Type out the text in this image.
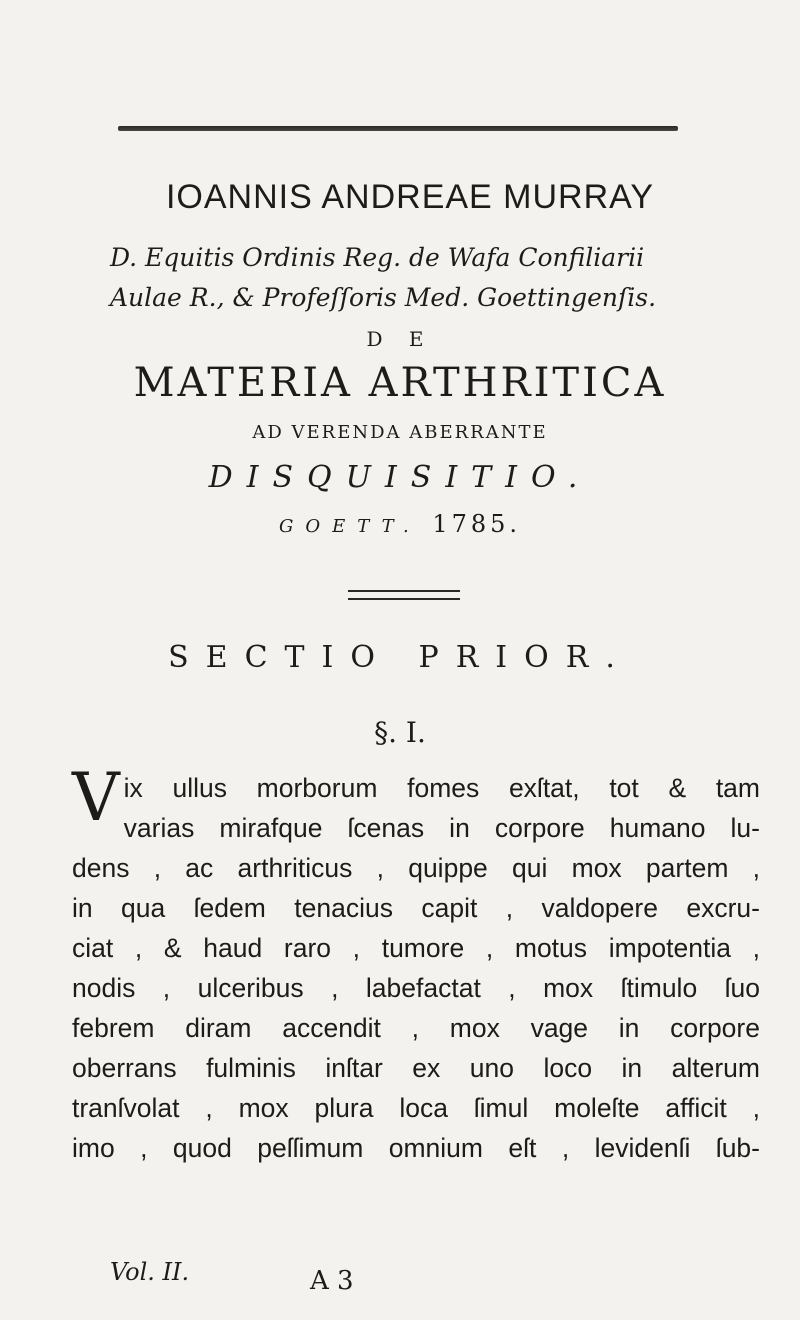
IOANNIS ANDREAE MURRAY
D. Equitis Ordinis Reg. de Wafa Confiliarii
Aulae R., & Profeſſoris Med. Goettingenſis.
D E
MATERIA ARTHRITICA
AD VERENDA ABERRANTE
DISQUISITIO.
GOETT. 1785.
SECTIO PRIOR.
§. I.
V ix ullus morborum fomes exſtat, tot & tam
varias mirafque ſcenas in corpore humano lu-
dens , ac arthriticus , quippe qui mox partem ,
in qua ſedem tenacius capit , valdopere excru-
ciat , & haud raro , tumore , motus impotentia ,
nodis , ulceribus , labefactat , mox ſtimulo ſuo
febrem diram accendit , mox vage in corpore
oberrans fulminis inſtar ex uno loco in alterum
tranſvolat , mox plura loca ſimul moleſte afficit ,
imo , quod peſſimum omnium eſt , levidenſi ſub-
Vol. II.	A 3
